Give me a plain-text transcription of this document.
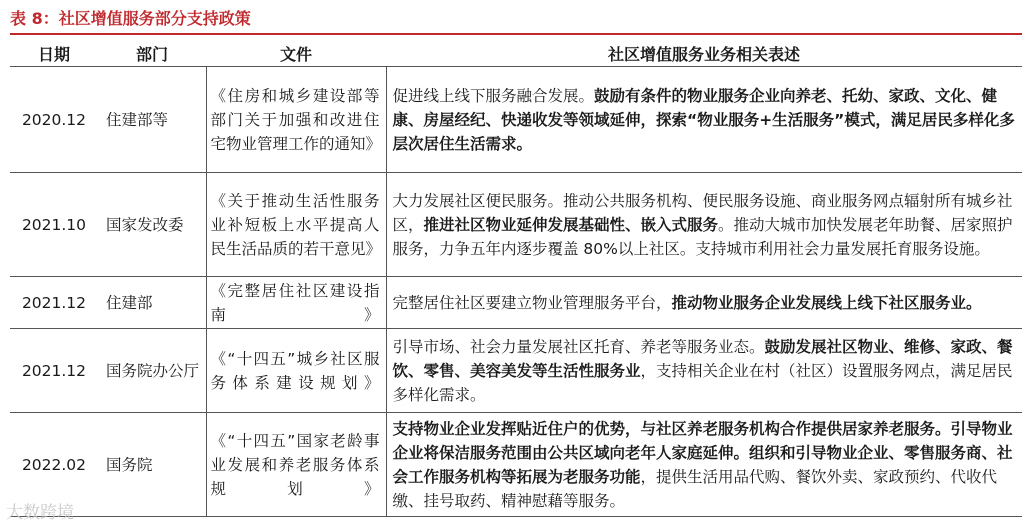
表 8：社区增值服务部分支持政策
日期	部门	文件	社区增值服务业务相关表述
2020.12	住建部等	《住房和城乡建设部等部门关于加强和改进住宅物业管理工作的通知》	促进线上线下服务融合发展。鼓励有条件的物业服务企业向养老、托幼、家政、文化、健康、房屋经纪、快递收发等领域延伸，探索“物业服务+生活服务”模式，满足居民多样化多层次居住生活需求。
2021.10	国家发改委	《关于推动生活性服务业补短板上水平提高人民生活品质的若干意见》	大力发展社区便民服务。推动公共服务机构、便民服务设施、商业服务网点辐射所有城乡社区，推进社区物业延伸发展基础性、嵌入式服务。推动大城市加快发展老年助餐、居家照护服务，力争五年内逐步覆盖 80%以上社区。支持城市利用社会力量发展托育服务设施。
2021.12	住建部	《完整居住社区建设指南》	完整居住社区要建立物业管理服务平台，推动物业服务企业发展线上线下社区服务业。
2021.12	国务院办公厅	《“十四五”城乡社区服务体系建设规划》	引导市场、社会力量发展社区托育、养老等服务业态。鼓励发展社区物业、维修、家政、餐饮、零售、美容美发等生活性服务业，支持相关企业在村（社区）设置服务网点，满足居民多样化需求。
2022.02	国务院	《“十四五”国家老龄事业发展和养老服务体系规划》	支持物业企业发挥贴近住户的优势，与社区养老服务机构合作提供居家养老服务。引导物业企业将保洁服务范围由公共区域向老年人家庭延伸。组织和引导物业企业、零售服务商、社会工作服务机构等拓展为老服务功能，提供生活用品代购、餐饮外卖、家政预约、代收代缴、挂号取药、精神慰藉等服务。
大数跨境
